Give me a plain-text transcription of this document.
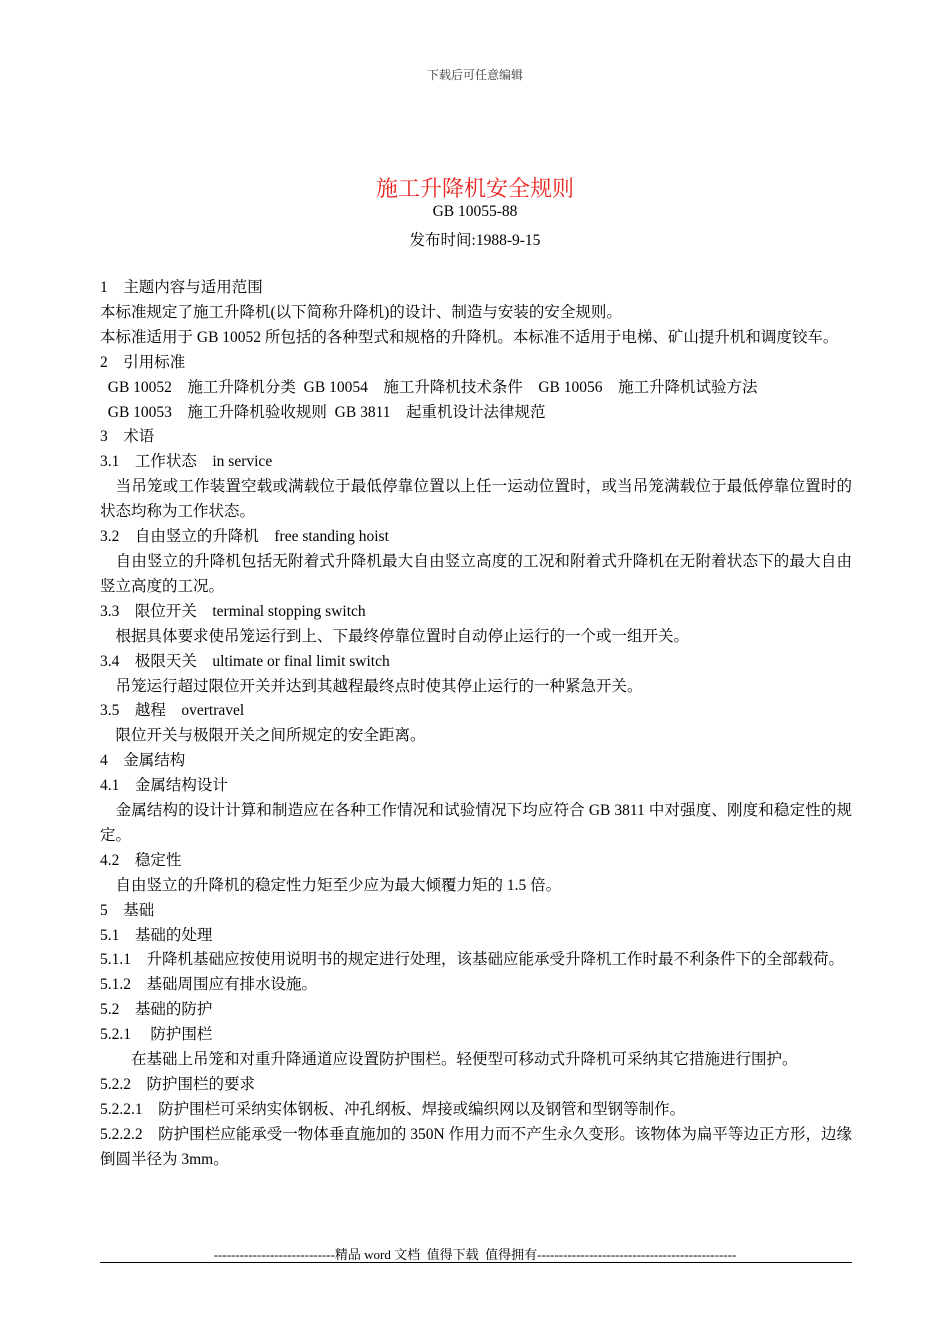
下载后可任意编辑
施工升降机安全规则
GB 10055-88
发布时间:1988-9-15
1　主题内容与适用范围
本标准规定了施工升降机(以下简称升降机)的设计、制造与安装的安全规则。
本标准适用于 GB 10052 所包括的各种型式和规格的升降机。本标准不适用于电梯、矿山提升机和调度铰车。
2　引用标准
GB 10052　施工升降机分类  GB 10054　施工升降机技术条件　GB 10056　施工升降机试验方法
GB 10053　施工升降机验收规则  GB 3811　起重机设计法律规范
3　术语
3.1　工作状态　in service
　当吊笼或工作装置空载或满载位于最低停靠位置以上任一运动位置时，或当吊笼满载位于最低停靠位置时的状态均称为工作状态。
3.2　自由竖立的升降机　free standing hoist
　自由竖立的升降机包括无附着式升降机最大自由竖立高度的工况和附着式升降机在无附着状态下的最大自由竖立高度的工况。
3.3　限位开关　terminal stopping switch
　根据具体要求使吊笼运行到上、下最终停靠位置时自动停止运行的一个或一组开关。
3.4　极限天关　ultimate or final limit switch
　吊笼运行超过限位开关并达到其越程最终点时使其停止运行的一种紧急开关。
3.5　越程　overtravel
　限位开关与极限开关之间所规定的安全距离。
4　金属结构
4.1　金属结构设计
　金属结构的设计计算和制造应在各种工作情况和试验情况下均应符合 GB 3811 中对强度、刚度和稳定性的规定。
4.2　稳定性
　自由竖立的升降机的稳定性力矩至少应为最大倾覆力矩的 1.5 倍。
5　基础
5.1　基础的处理
5.1.1　升降机基础应按使用说明书的规定进行处理，该基础应能承受升降机工作时最不利条件下的全部载荷。
5.1.2　基础周围应有排水设施。
5.2　基础的防护
5.2.1　 防护围栏
　　在基础上吊笼和对重升降通道应设置防护围栏。轻便型可移动式升降机可采纳其它措施进行围护。
5.2.2　防护围栏的要求
5.2.2.1　防护围栏可采纳实体钢板、冲孔纲板、焊接或编织网以及钢管和型钢等制作。
5.2.2.2　防护围栏应能承受一物体垂直施加的 350N 作用力而不产生永久变形。该物体为扁平等边正方形，边缘倒圆半径为 3mm。
----------------------------精品 word 文档  值得下载  值得拥有----------------------------------------------
